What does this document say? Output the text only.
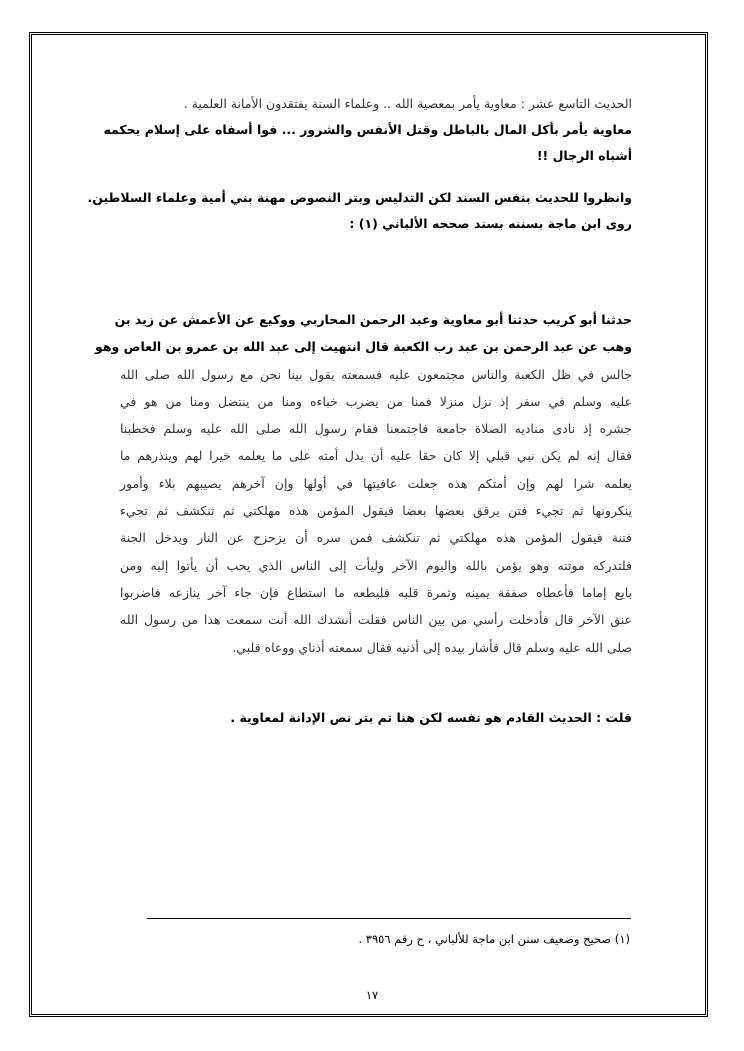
الحديث التاسع عشر : معاوية يأمر بمعصية الله .. وعلماء السنة يفتقدون الأمانة العلمية .
معاوية يأمر بأكل المال بالباطل وقتل الأنفس والشرور ... فوا أسفاه على إسلام يحكمه
أشباه الرجال !!
وانظروا للحديث بنفس السند لكن التدليس وبتر النصوص مهنة بني أمية وعلماء السلاطين.
روى ابن ماجة بسننه بسند صححه الألباني (١) :
حدثنا أبو كريب حدثنا أبو معاوية وعبد الرحمن المحاربي ووكيع عن الأعمش عن زيد بن
وهب عن عبد الرحمن بن عبد رب الكعبة قال انتهيت إلى عبد الله بن عمرو بن العاص وهو
جالس في ظل الكعبة والناس مجتمعون عليه فسمعته يقول بينا نحن مع رسول الله صلى الله
عليه وسلم في سفر إذ نزل منزلا فمنا من يضرب خباءه ومنا من ينتضل ومنا من هو في
جشره إذ نادى مناديه الصلاة جامعة فاجتمعنا فقام رسول الله صلى الله عليه وسلم فخطبنا
فقال إنه لم يكن نبي قبلي إلا كان حقا عليه أن يدل أمته على ما يعلمه خيرا لهم وينذرهم ما
يعلمه شرا لهم وإن أمتكم هذه جعلت عافيتها في أولها وإن آخرهم يصيبهم بلاء وأمور
ينكرونها ثم تجيء فتن يرقق بعضها بعضا فيقول المؤمن هذه مهلكتي ثم تنكشف ثم تجيء
فتنة فيقول المؤمن هذه مهلكتي ثم تنكشف فمن سره أن يزحزح عن النار ويدخل الجنة
فلتدركه موتته وهو يؤمن بالله واليوم الآخر وليأت إلى الناس الذي يحب أن يأتوا إليه ومن
بايع إماما فأعطاه صفقة يمينه وثمرة قلبه فليطعه ما استطاع فإن جاء آخر ينازعه فاضربوا
عنق الآخر قال فأدخلت رأسي من بين الناس فقلت أنشدك الله أنت سمعت هذا من رسول الله
صلى الله عليه وسلم قال فأشار بيده إلى أذنيه فقال سمعته أذناي ووعاه قلبي.
قلت : الحديث القادم هو نفسه لكن هنا تم بتر نص الإدانة لمعاوية .
(١) صحيح وضعيف سنن ابن ماجة للألباني ، ح رقم ٣٩٥٦ .
١٧
